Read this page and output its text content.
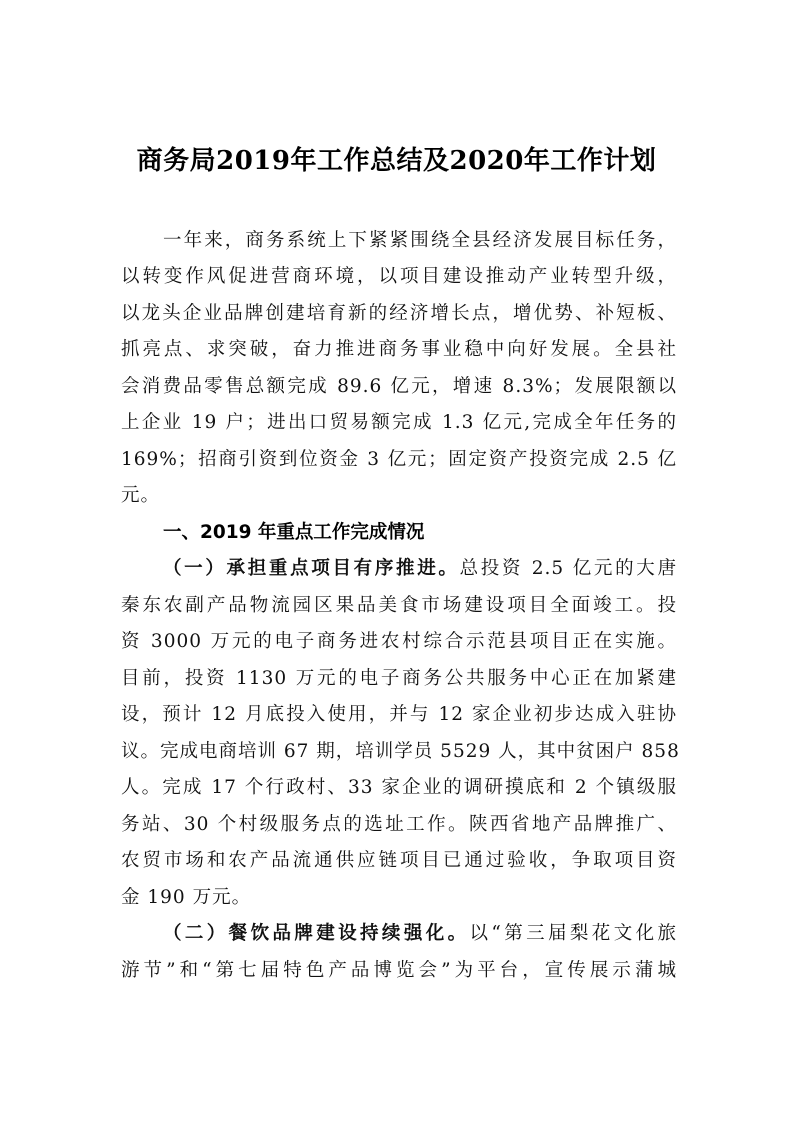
商务局2019年工作总结及2020年工作计划
一年来，商务系统上下紧紧围绕全县经济发展目标任务，
以转变作风促进营商环境，以项目建设推动产业转型升级，
以龙头企业品牌创建培育新的经济增长点，增优势、补短板、
抓亮点、求突破，奋力推进商务事业稳中向好发展。全县社
会消费品零售总额完成 89.6 亿元，增速 8.3%；发展限额以
上企业 19 户；进出口贸易额完成 1.3 亿元,完成全年任务的
169%；招商引资到位资金 3 亿元；固定资产投资完成 2.5 亿
元。
一、2019 年重点工作完成情况
（一）承担重点项目有序推进。总投资 2.5 亿元的大唐
秦东农副产品物流园区果品美食市场建设项目全面竣工。投
资 3000 万元的电子商务进农村综合示范县项目正在实施。
目前，投资 1130 万元的电子商务公共服务中心正在加紧建
设，预计 12 月底投入使用，并与 12 家企业初步达成入驻协
议。完成电商培训 67 期，培训学员 5529 人，其中贫困户 858
人。完成 17 个行政村、33 家企业的调研摸底和 2 个镇级服
务站、30 个村级服务点的选址工作。陕西省地产品牌推广、
农贸市场和农产品流通供应链项目已通过验收，争取项目资
金 190 万元。
（二）餐饮品牌建设持续强化。以“第三届梨花文化旅
游节”和“第七届特色产品博览会”为平台，宣传展示蒲城
